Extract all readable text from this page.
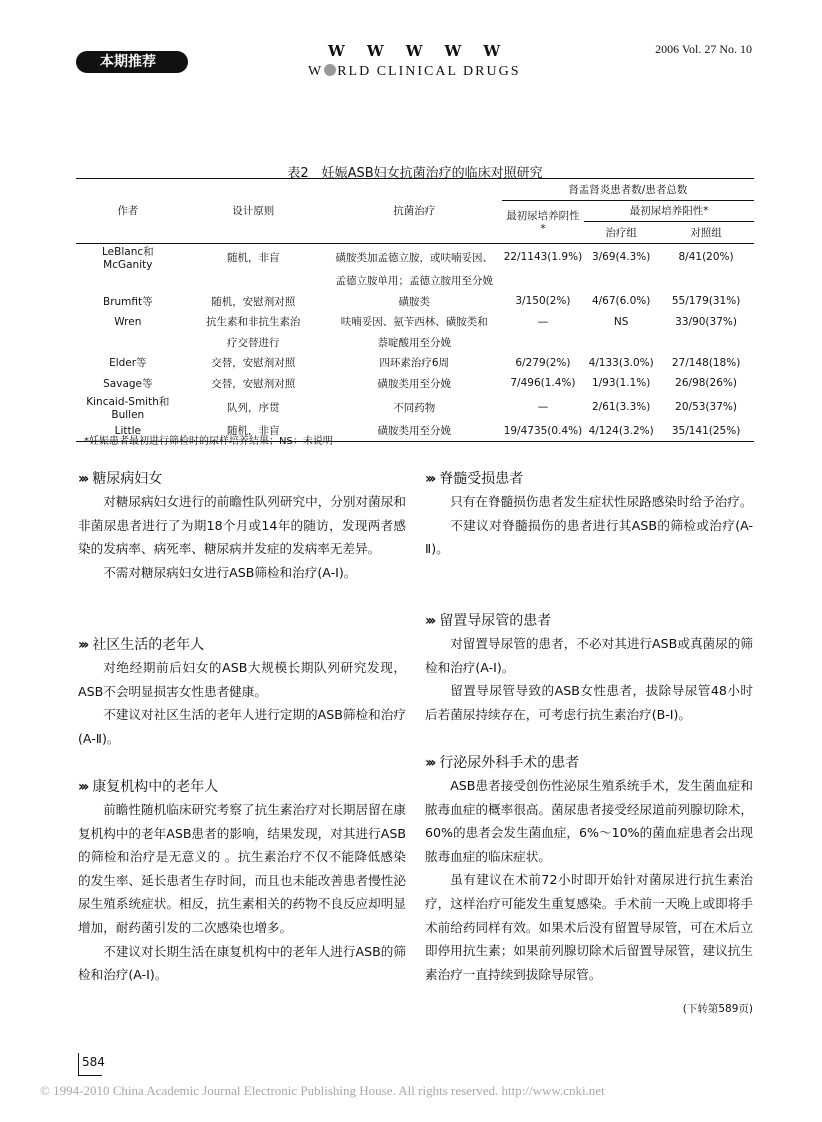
本期推荐
WWWWW
W RLD CLINICAL DRUGS
2006 Vol. 27 No. 10
表2　妊娠ASB妇女抗菌治疗的临床对照研究
作者	设计原则	抗菌治疗	肾盂肾炎患者数/患者总数		
			最初尿培养阴性*	最初尿培养阳性*	
				治疗组	对照组
LeBlanc和 McGanity	随机，非盲	磺胺类加孟德立胺，或呋喃妥因、	22/1143(1.9%)	3/69(4.3%)	8/41(20%)
		孟德立胺单用；孟德立胺用至分娩			
Brumfit等	随机，安慰剂对照	磺胺类	3/150(2%)	4/67(6.0%)	55/179(31%)
Wren	抗生素和非抗生素治	呋喃妥因、氨苄西林、磺胺类和	—	NS	33/90(37%)
	疗交替进行	萘啶酸用至分娩			
Elder等	交替，安慰剂对照	四环素治疗6周	6/279(2%)	4/133(3.0%)	27/148(18%)
Savage等	交替，安慰剂对照	磺胺类用至分娩	7/496(1.4%)	1/93(1.1%)	26/98(26%)
Kincaid-Smith和 Bullen	队列，序贯	不同药物	—	2/61(3.3%)	20/53(37%)
Little	随机，非盲	磺胺类用至分娩	19/4735(0.4%)	4/124(3.2%)	35/141(25%)
*妊娠患者最初进行筛检时的尿样培养结果；NS：未说明
››› 糖尿病妇女

对糖尿病妇女进行的前瞻性队列研究中，分别对菌尿和非菌尿患者进行了为期18个月或14年的随访，发现两者感染的发病率、病死率、糖尿病并发症的发病率无差异。

不需对糖尿病妇女进行ASB筛检和治疗(A-Ⅰ)。

››› 社区生活的老年人

对绝经期前后妇女的ASB大规模长期队列研究发现，ASB不会明显损害女性患者健康。

不建议对社区生活的老年人进行定期的ASB筛检和治疗(A-Ⅱ)。

››› 康复机构中的老年人

前瞻性随机临床研究考察了抗生素治疗对长期居留在康复机构中的老年ASB患者的影响，结果发现，对其进行ASB的筛检和治疗是无意义的 。抗生素治疗不仅不能降低感染的发生率、延长患者生存时间，而且也未能改善患者慢性泌尿生殖系统症状。相反，抗生素相关的药物不良反应却明显增加，耐药菌引发的二次感染也增多。

不建议对长期生活在康复机构中的老年人进行ASB的筛检和治疗(A-Ⅰ)。

››› 脊髓受损患者

只有在脊髓损伤患者发生症状性尿路感染时给予治疗。

不建议对脊髓损伤的患者进行其ASB的筛检或治疗(A-Ⅱ)。

››› 留置导尿管的患者

对留置导尿管的患者，不必对其进行ASB或真菌尿的筛检和治疗(A-Ⅰ)。

留置导尿管导致的ASB女性患者，拔除导尿管48小时后若菌尿持续存在，可考虑行抗生素治疗(B-Ⅰ)。

››› 行泌尿外科手术的患者

ASB患者接受创伤性泌尿生殖系统手术，发生菌血症和脓毒血症的概率很高。菌尿患者接受经尿道前列腺切除术，60%的患者会发生菌血症，6%～10%的菌血症患者会出现脓毒血症的临床症状。

虽有建议在术前72小时即开始针对菌尿进行抗生素治疗，这样治疗可能发生重复感染。手术前一天晚上或即将手术前给药同样有效。如果术后没有留置导尿管，可在术后立即停用抗生素；如果前列腺切除术后留置导尿管，建议抗生素治疗一直持续到拔除导尿管。

(下转第589页)
584
© 1994-2010 China Academic Journal Electronic Publishing House. All rights reserved. http://www.cnki.net
